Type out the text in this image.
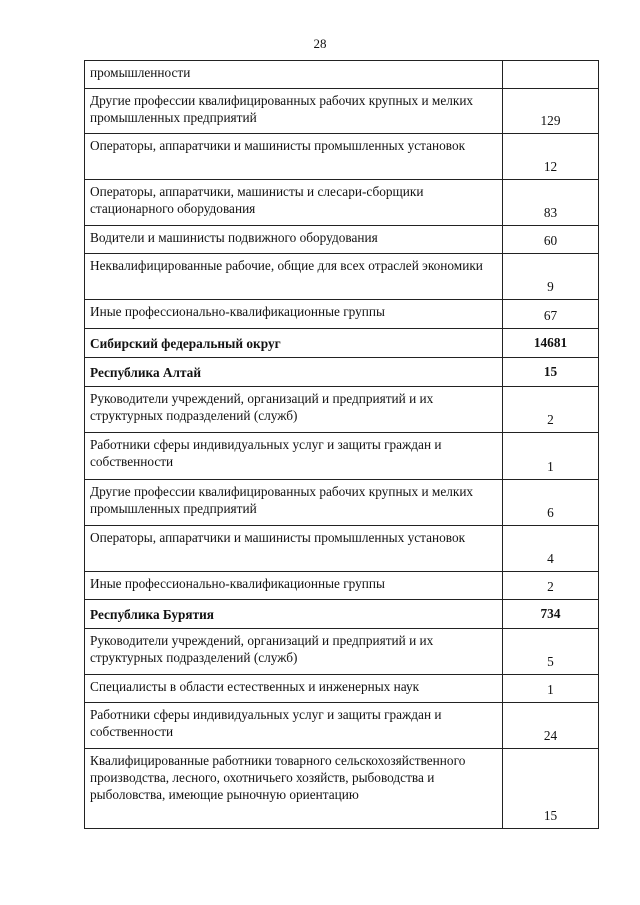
28
промышленности	
Другие профессии квалифицированных рабочих крупных и мелких промышленных предприятий	129
Операторы, аппаратчики и машинисты промышленных установок	12
Операторы, аппаратчики, машинисты и слесари-сборщики стационарного оборудования	83
Водители и машинисты подвижного оборудования	60
Неквалифицированные рабочие, общие для всех отраслей экономики	9
Иные профессионально-квалификационные группы	67
Сибирский федеральный округ	14681
Республика Алтай	15
Руководители учреждений, организаций и предприятий и их структурных подразделений (служб)	2
Работники сферы индивидуальных услуг и защиты граждан и собственности	1
Другие профессии квалифицированных рабочих крупных и мелких промышленных предприятий	6
Операторы, аппаратчики и машинисты промышленных установок	4
Иные профессионально-квалификационные группы	2
Республика Бурятия	734
Руководители учреждений, организаций и предприятий и их структурных подразделений (служб)	5
Специалисты в области естественных и инженерных наук	1
Работники сферы индивидуальных услуг и защиты граждан и собственности	24
Квалифицированные работники товарного сельскохозяйственного производства, лесного, охотничьего хозяйств, рыбоводства и рыболовства, имеющие рыночную ориентацию	15
